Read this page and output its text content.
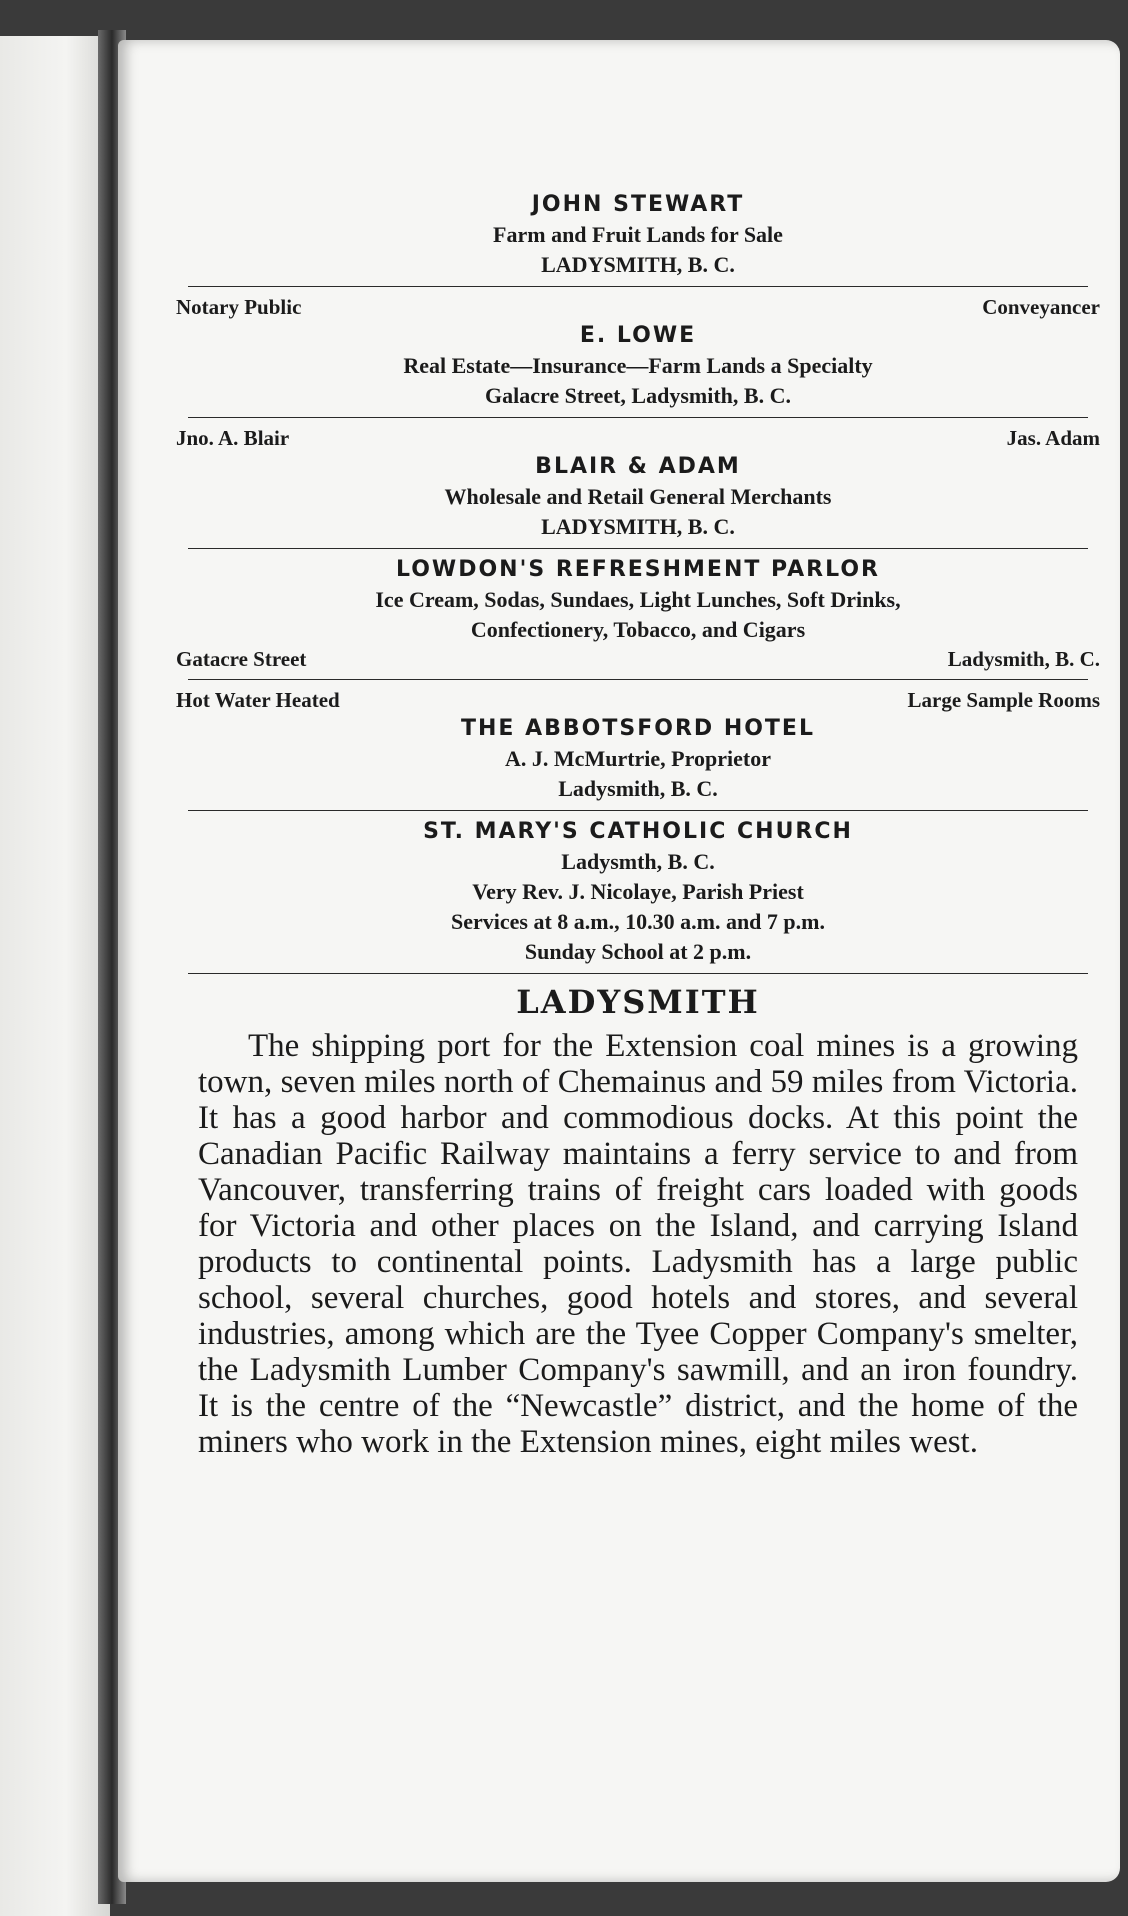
JOHN STEWART
Farm and Fruit Lands for Sale
LADYSMITH, B. C.
Notary Public	Conveyancer
E. LOWE
Real Estate—Insurance—Farm Lands a Specialty
Galacre Street, Ladysmith, B. C.
Jno. A. Blair	Jas. Adam
BLAIR & ADAM
Wholesale and Retail General Merchants
LADYSMITH, B. C.
LOWDON'S REFRESHMENT PARLOR
Ice Cream, Sodas, Sundaes, Light Lunches, Soft Drinks,
Confectionery, Tobacco, and Cigars
Gatacre Street	Ladysmith, B. C.
Hot Water Heated	Large Sample Rooms
THE ABBOTSFORD HOTEL
A. J. McMurtrie, Proprietor
Ladysmith, B. C.
ST. MARY'S CATHOLIC CHURCH
Ladysmth, B. C.
Very Rev. J. Nicolaye, Parish Priest
Services at 8 a.m., 10.30 a.m. and 7 p.m.
Sunday School at 2 p.m.
LADYSMITH
The shipping port for the Extension coal mines is a growing town, seven miles north of Chemainus and 59 miles from Victoria. It has a good harbor and commodious docks. At this point the Canadian Pacific Railway maintains a ferry service to and from Vancouver, transferring trains of freight cars loaded with goods for Victoria and other places on the Island, and carrying Island products to continental points. Ladysmith has a large public school, several churches, good hotels and stores, and several industries, among which are the Tyee Copper Company's smelter, the Ladysmith Lumber Company's sawmill, and an iron foundry. It is the centre of the “Newcastle” district, and the home of the miners who work in the Extension mines, eight miles west.
